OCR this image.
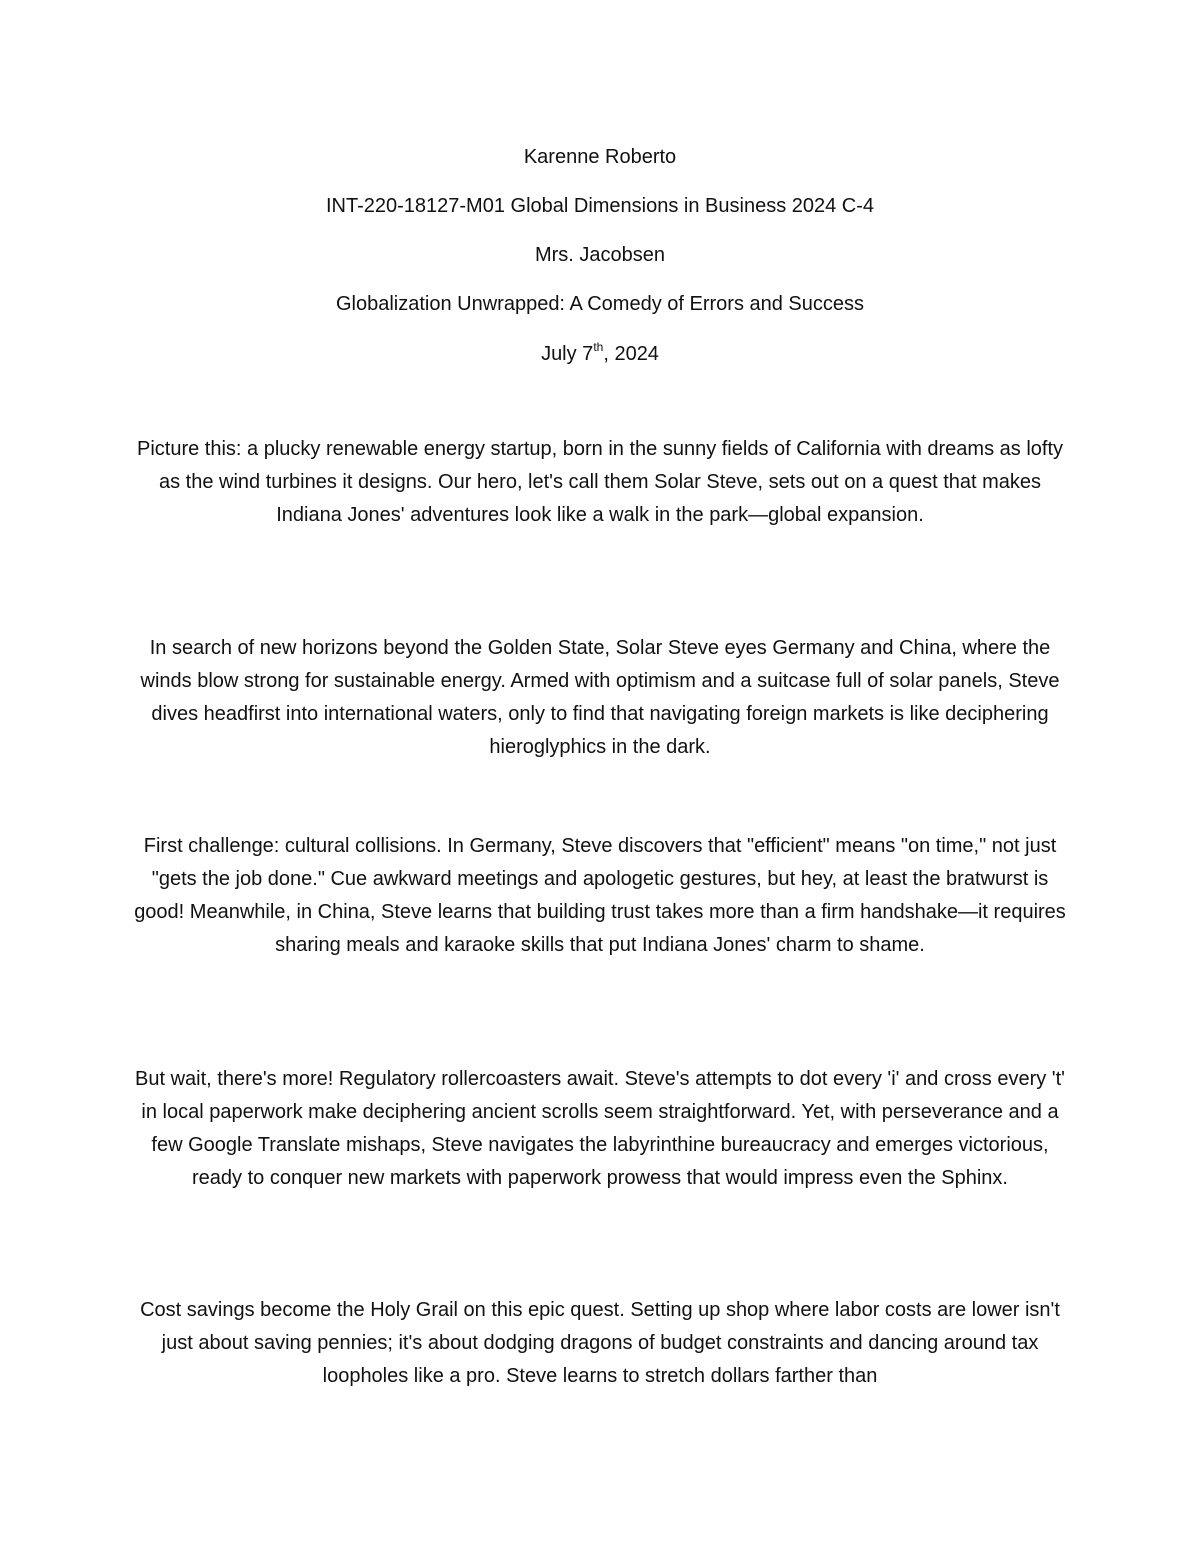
Karenne Roberto
INT-220-18127-M01 Global Dimensions in Business 2024 C-4
Mrs. Jacobsen
Globalization Unwrapped: A Comedy of Errors and Success
July 7th, 2024

Picture this: a plucky renewable energy startup, born in the sunny fields of California with dreams as lofty as the wind turbines it designs. Our hero, let's call them Solar Steve, sets out on a quest that makes Indiana Jones' adventures look like a walk in the park—global expansion.

In search of new horizons beyond the Golden State, Solar Steve eyes Germany and China, where the winds blow strong for sustainable energy. Armed with optimism and a suitcase full of solar panels, Steve dives headfirst into international waters, only to find that navigating foreign markets is like deciphering hieroglyphics in the dark.

First challenge: cultural collisions. In Germany, Steve discovers that "efficient" means "on time," not just "gets the job done." Cue awkward meetings and apologetic gestures, but hey, at least the bratwurst is good! Meanwhile, in China, Steve learns that building trust takes more than a firm handshake—it requires sharing meals and karaoke skills that put Indiana Jones' charm to shame.

But wait, there's more! Regulatory rollercoasters await. Steve's attempts to dot every 'i' and cross every 't' in local paperwork make deciphering ancient scrolls seem straightforward. Yet, with perseverance and a few Google Translate mishaps, Steve navigates the labyrinthine bureaucracy and emerges victorious, ready to conquer new markets with paperwork prowess that would impress even the Sphinx.

Cost savings become the Holy Grail on this epic quest. Setting up shop where labor costs are lower isn't just about saving pennies; it's about dodging dragons of budget constraints and dancing around tax loopholes like a pro. Steve learns to stretch dollars farther than
